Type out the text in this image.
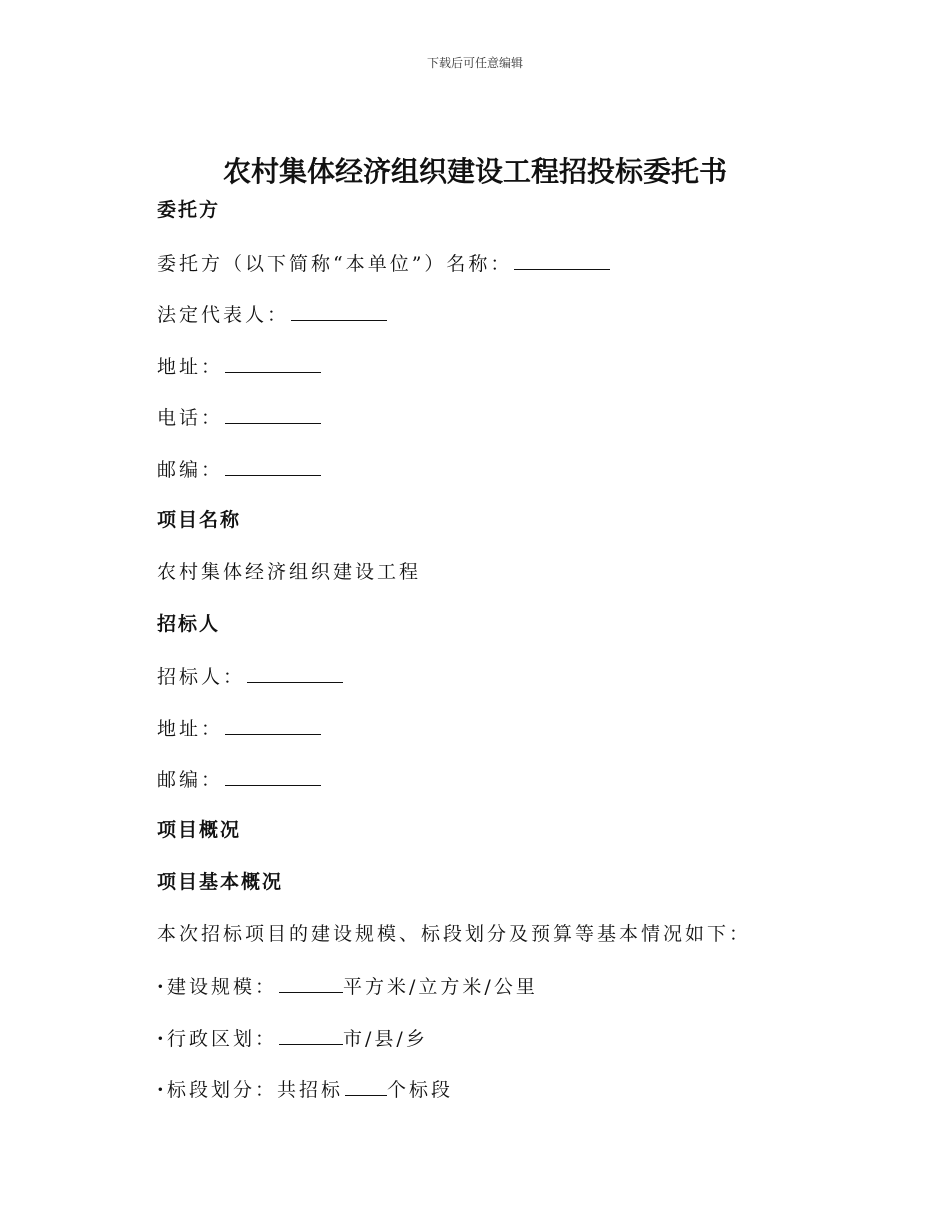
下载后可任意编辑
农村集体经济组织建设工程招投标委托书
委托方
委托方（以下简称“本单位”）名称：
法定代表人：
地址：
电话：
邮编：
项目名称
农村集体经济组织建设工程
招标人
招标人：
地址：
邮编：
项目概况
项目基本概况
本次招标项目的建设规模、标段划分及预算等基本情况如下：
·建设规模：	平方米/立方米/公里
·行政区划：	市/县/乡
·标段划分：共招标 个标段
